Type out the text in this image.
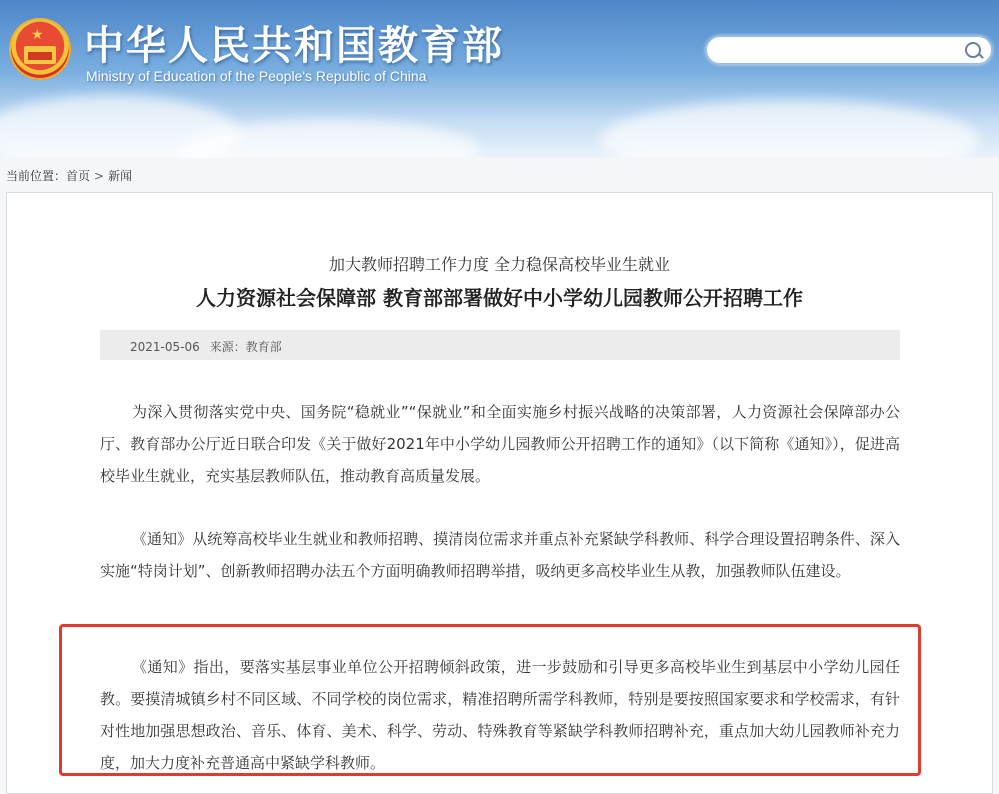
★ 中华人民共和国教育部
Ministry of Education of the People's Republic of China
当前位置：首页 > 新闻
加大教师招聘工作力度 全力稳保高校毕业生就业
人力资源社会保障部 教育部部署做好中小学幼儿园教师公开招聘工作
2021-05-06 来源：教育部
为深入贯彻落实党中央、国务院“稳就业”“保就业”和全面实施乡村振兴战略的决策部署，人力资源社会保障部办公厅、教育部办公厅近日联合印发《关于做好2021年中小学幼儿园教师公开招聘工作的通知》（以下简称《通知》），促进高校毕业生就业，充实基层教师队伍，推动教育高质量发展。
《通知》从统筹高校毕业生就业和教师招聘、摸清岗位需求并重点补充紧缺学科教师、科学合理设置招聘条件、深入实施“特岗计划”、创新教师招聘办法五个方面明确教师招聘举措，吸纳更多高校毕业生从教，加强教师队伍建设。
《通知》指出，要落实基层事业单位公开招聘倾斜政策，进一步鼓励和引导更多高校毕业生到基层中小学幼儿园任教。要摸清城镇乡村不同区域、不同学校的岗位需求，精准招聘所需学科教师，特别是要按照国家要求和学校需求，有针对性地加强思想政治、音乐、体育、美术、科学、劳动、特殊教育等紧缺学科教师招聘补充，重点加大幼儿园教师补充力度，加大力度补充普通高中紧缺学科教师。
